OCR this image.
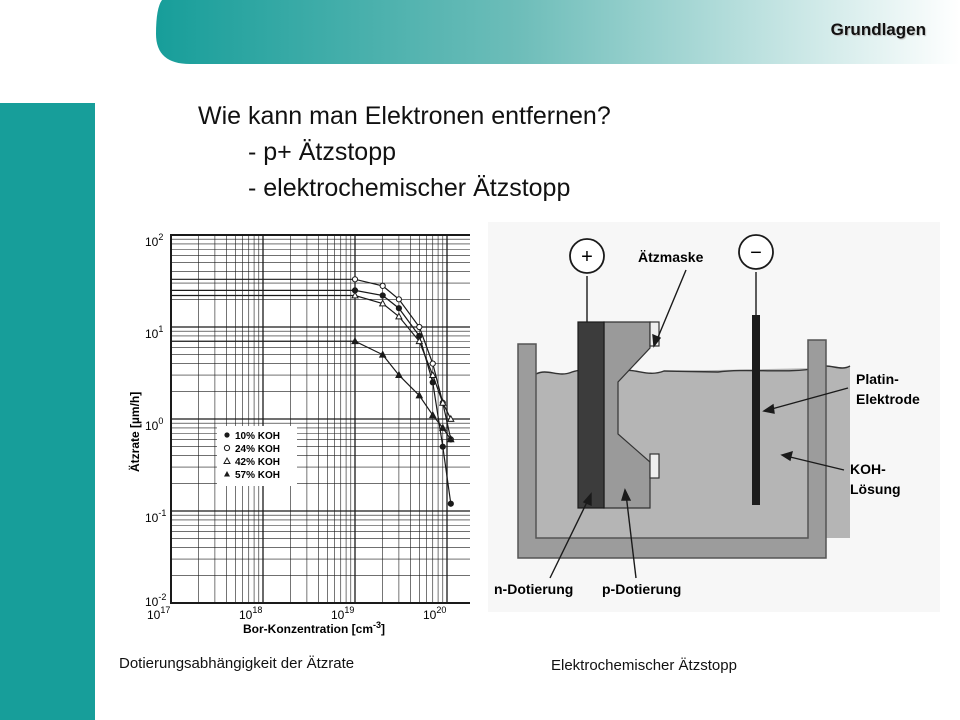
Grundlagen
Wie kann man Elektronen entfernen?
- p+ Ätzstopp
- elektrochemischer Ätzstopp
$10^2$
$10^1$
$10^0$
$10^{-1}$
$10^{-2}$
$10^{17}$	$10^{18}$	$10^{19}$	$10^{20}$
Bor-Konzentration $[cm^{-3}]$
Ätzrate [µm/h]	10% KOH
24% KOH
42% KOH
57% KOH
+	−
Ätzmaske
Platin-
Elektrode
KOH-
Lösung
n-Dotierung p-Dotierung
Dotierungsabhängigkeit der Ätzrate	Elektrochemischer Ätzstopp
